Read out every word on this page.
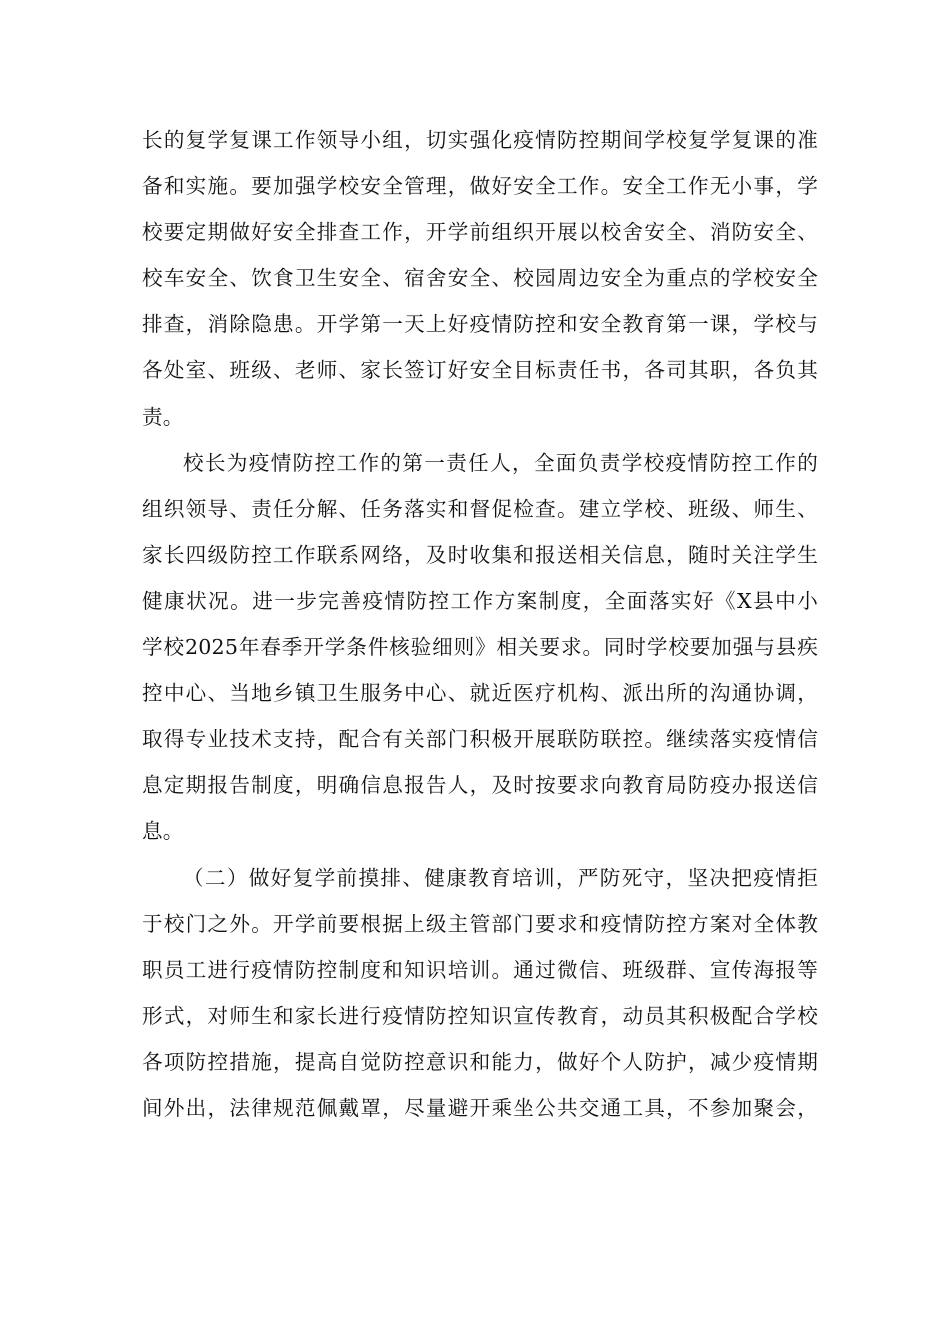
长的复学复课工作领导小组，切实强化疫情防控期间学校复学复课的准
备和实施。要加强学校安全管理，做好安全工作。安全工作无小事，学
校要定期做好安全排查工作，开学前组织开展以校舍安全、消防安全、
校车安全、饮食卫生安全、宿舍安全、校园周边安全为重点的学校安全
排查，消除隐患。开学第一天上好疫情防控和安全教育第一课，学校与
各处室、班级、老师、家长签订好安全目标责任书，各司其职，各负其
责。

校长为疫情防控工作的第一责任人，全面负责学校疫情防控工作的
组织领导、责任分解、任务落实和督促检查。建立学校、班级、师生、
家长四级防控工作联系网络，及时收集和报送相关信息，随时关注学生
健康状况。进一步完善疫情防控工作方案制度，全面落实好《X县中小
学校2025年春季开学条件核验细则》相关要求。同时学校要加强与县疾
控中心、当地乡镇卫生服务中心、就近医疗机构、派出所的沟通协调，
取得专业技术支持，配合有关部门积极开展联防联控。继续落实疫情信
息定期报告制度，明确信息报告人，及时按要求向教育局防疫办报送信
息。

（二）做好复学前摸排、健康教育培训，严防死守，坚决把疫情拒
于校门之外。开学前要根据上级主管部门要求和疫情防控方案对全体教
职员工进行疫情防控制度和知识培训。通过微信、班级群、宣传海报等
形式，对师生和家长进行疫情防控知识宣传教育，动员其积极配合学校
各项防控措施，提高自觉防控意识和能力，做好个人防护，减少疫情期
间外出，法律规范佩戴罩，尽量避开乘坐公共交通工具，不参加聚会，
